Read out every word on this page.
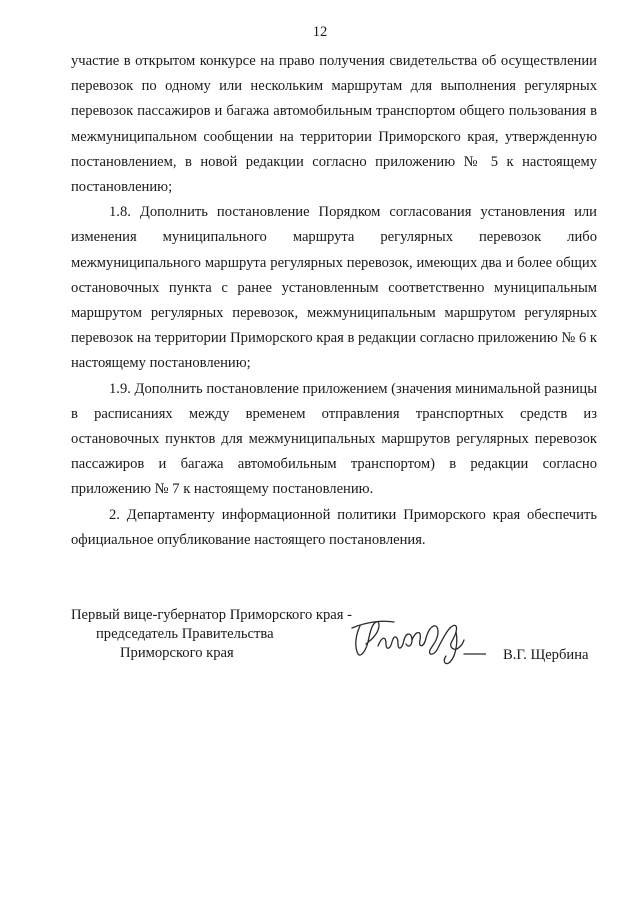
12

участие в открытом конкурсе на право получения свидетельства об осуществлении перевозок по одному или нескольким маршрутам для выполнения регулярных перевозок пассажиров и багажа автомобильным транспортом общего пользования в межмуниципальном сообщении на территории Приморского края, утвержденную постановлением, в новой редакции согласно приложению № 5 к настоящему постановлению;

1.8. Дополнить постановление Порядком согласования установления или изменения муниципального маршрута регулярных перевозок либо межмуниципального маршрута регулярных перевозок, имеющих два и более общих остановочных пункта с ранее установленным соответственно муниципальным маршрутом регулярных перевозок, межмуниципальным маршрутом регулярных перевозок на территории Приморского края в редакции согласно приложению № 6 к настоящему постановлению;

1.9. Дополнить постановление приложением (значения минимальной разницы в расписаниях между временем отправления транспортных средств из остановочных пунктов для межмуниципальных маршрутов регулярных перевозок пассажиров и багажа автомобильным транспортом) в редакции согласно приложению № 7 к настоящему постановлению.

2. Департаменту информационной политики Приморского края обеспечить официальное опубликование настоящего постановления.

Первый вице-губернатор Приморского края -
председатель Правительства
Приморского края	В.Г. Щербина
